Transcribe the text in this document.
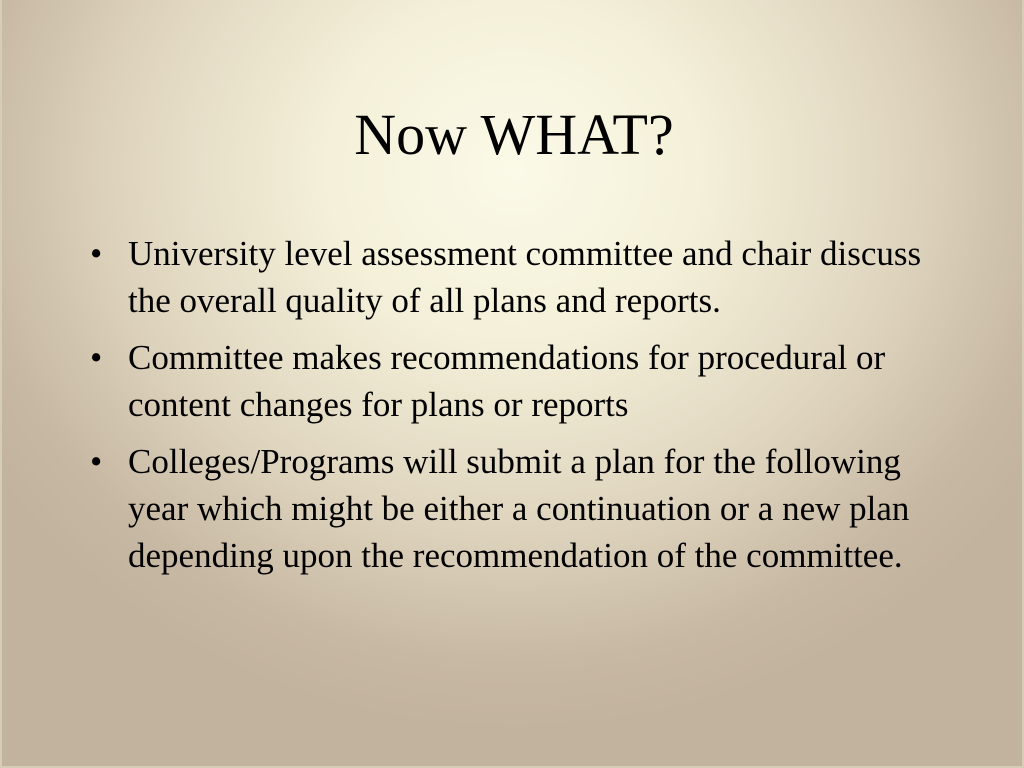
Now WHAT?
• University level assessment committee and chair discuss the overall quality of all plans and reports.
• Committee makes recommendations for procedural or content changes for plans or reports
• Colleges/Programs will submit a plan for the following year which might be either a continuation or a new plan depending upon the recommendation of the committee.
